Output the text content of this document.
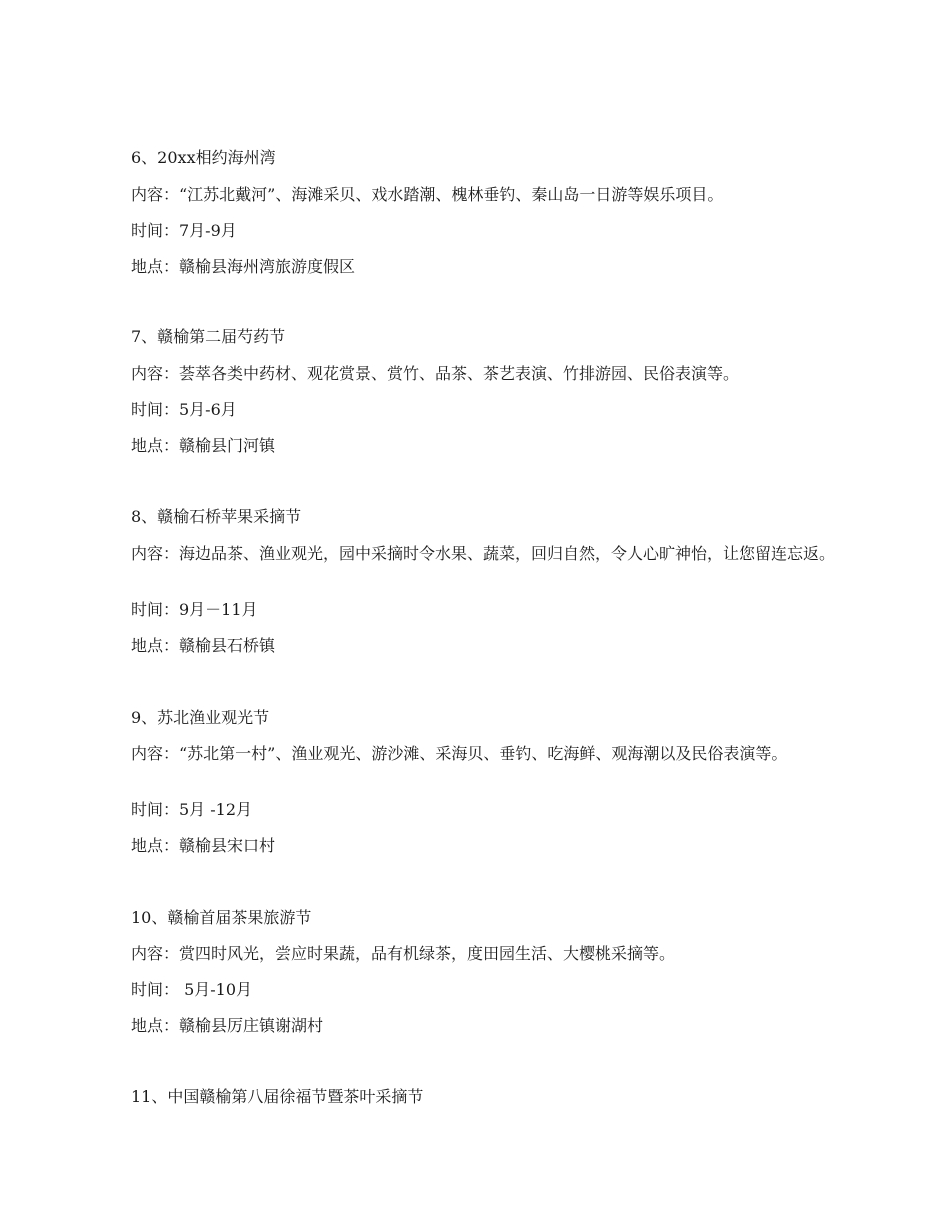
6、20xx相约海州湾
内容：“江苏北戴河”、海滩采贝、戏水踏潮、槐林垂钓、秦山岛一日游等娱乐项目。
时间：7月-9月
地点：赣榆县海州湾旅游度假区
7、赣榆第二届芍药节
内容：荟萃各类中药材、观花赏景、赏竹、品茶、茶艺表演、竹排游园、民俗表演等。
时间：5月-6月
地点：赣榆县门河镇
8、赣榆石桥苹果采摘节
内容：海边品茶、渔业观光，园中采摘时令水果、蔬菜，回归自然，令人心旷神怡，让您留连忘返。
时间：9月－11月
地点：赣榆县石桥镇
9、苏北渔业观光节
内容：“苏北第一村”、渔业观光、游沙滩、采海贝、垂钓、吃海鲜、观海潮以及民俗表演等。
时间：5月 -12月
地点：赣榆县宋口村
10、赣榆首届茶果旅游节
内容：赏四时风光，尝应时果蔬，品有机绿茶，度田园生活、大樱桃采摘等。
时间： 5月-10月
地点：赣榆县厉庄镇谢湖村
11、中国赣榆第八届徐福节暨茶叶采摘节
